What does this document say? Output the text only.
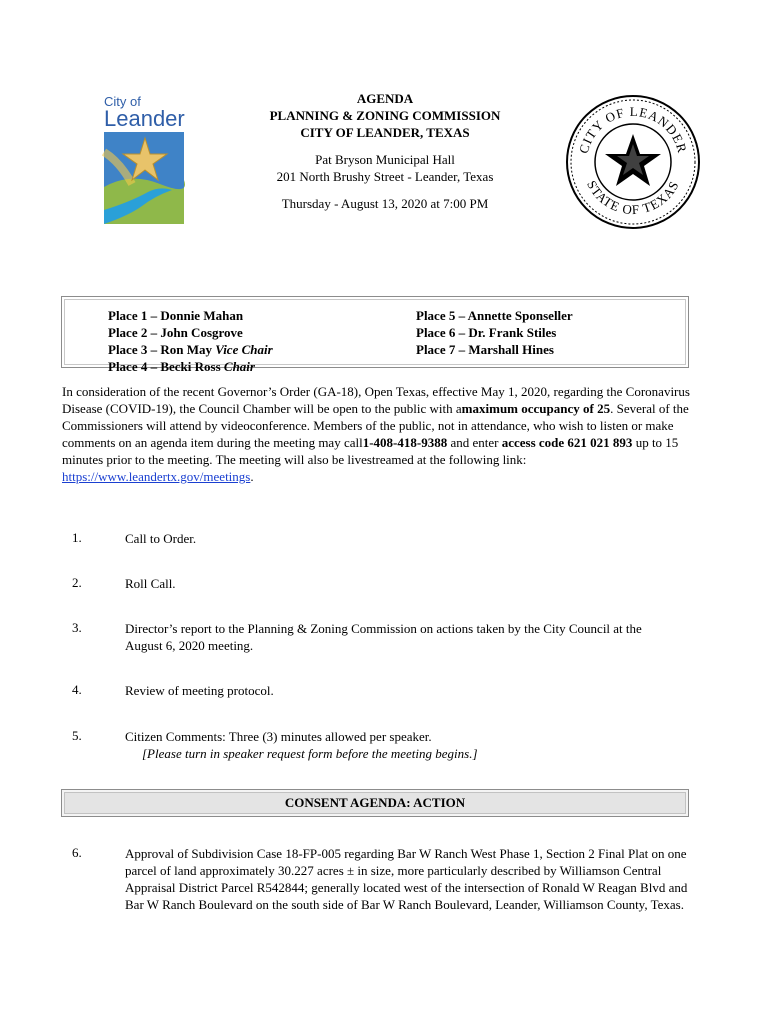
City of
Leander
AGENDA
PLANNING & ZONING COMMISSION
CITY OF LEANDER, TEXAS
Pat Bryson Municipal Hall
201 North Brushy Street - Leander, Texas
Thursday - August 13, 2020 at 7:00 PM
CITY OF LEANDER
STATE OF TEXAS
Place 1 – Donnie Mahan
Place 2 – John Cosgrove
Place 3 – Ron May Vice Chair
Place 4 – Becki Ross Chair
Place 5 – Annette Sponseller
Place 6 – Dr. Frank Stiles
Place 7 – Marshall Hines
In consideration of the recent Governor’s Order (GA-18), Open Texas, effective May 1, 2020, regarding the Coronavirus Disease (COVID-19), the Council Chamber will be open to the public with amaximum occupancy of 25. Several of the Commissioners will attend by videoconference. Members of the public, not in attendance, who wish to listen or make comments on an agenda item during the meeting may call1-408-418-9388 and enter access code 621 021 893 up to 15 minutes prior to the meeting. The meeting will also be livestreamed at the following link: https://www.leandertx.gov/meetings.
1.	Call to Order.
2.	Roll Call.
3.	Director’s report to the Planning & Zoning Commission on actions taken by the City Council at the August 6, 2020 meeting.
4.	Review of meeting protocol.
5.	Citizen Comments: Three (3) minutes allowed per speaker.
[Please turn in speaker request form before the meeting begins.]
CONSENT AGENDA: ACTION
6.	Approval of Subdivision Case 18-FP-005 regarding Bar W Ranch West Phase 1, Section 2 Final Plat on one parcel of land approximately 30.227 acres ± in size, more particularly described by Williamson Central Appraisal District Parcel R542844; generally located west of the intersection of Ronald W Reagan Blvd and Bar W Ranch Boulevard on the south side of Bar W Ranch Boulevard, Leander, Williamson County, Texas.
